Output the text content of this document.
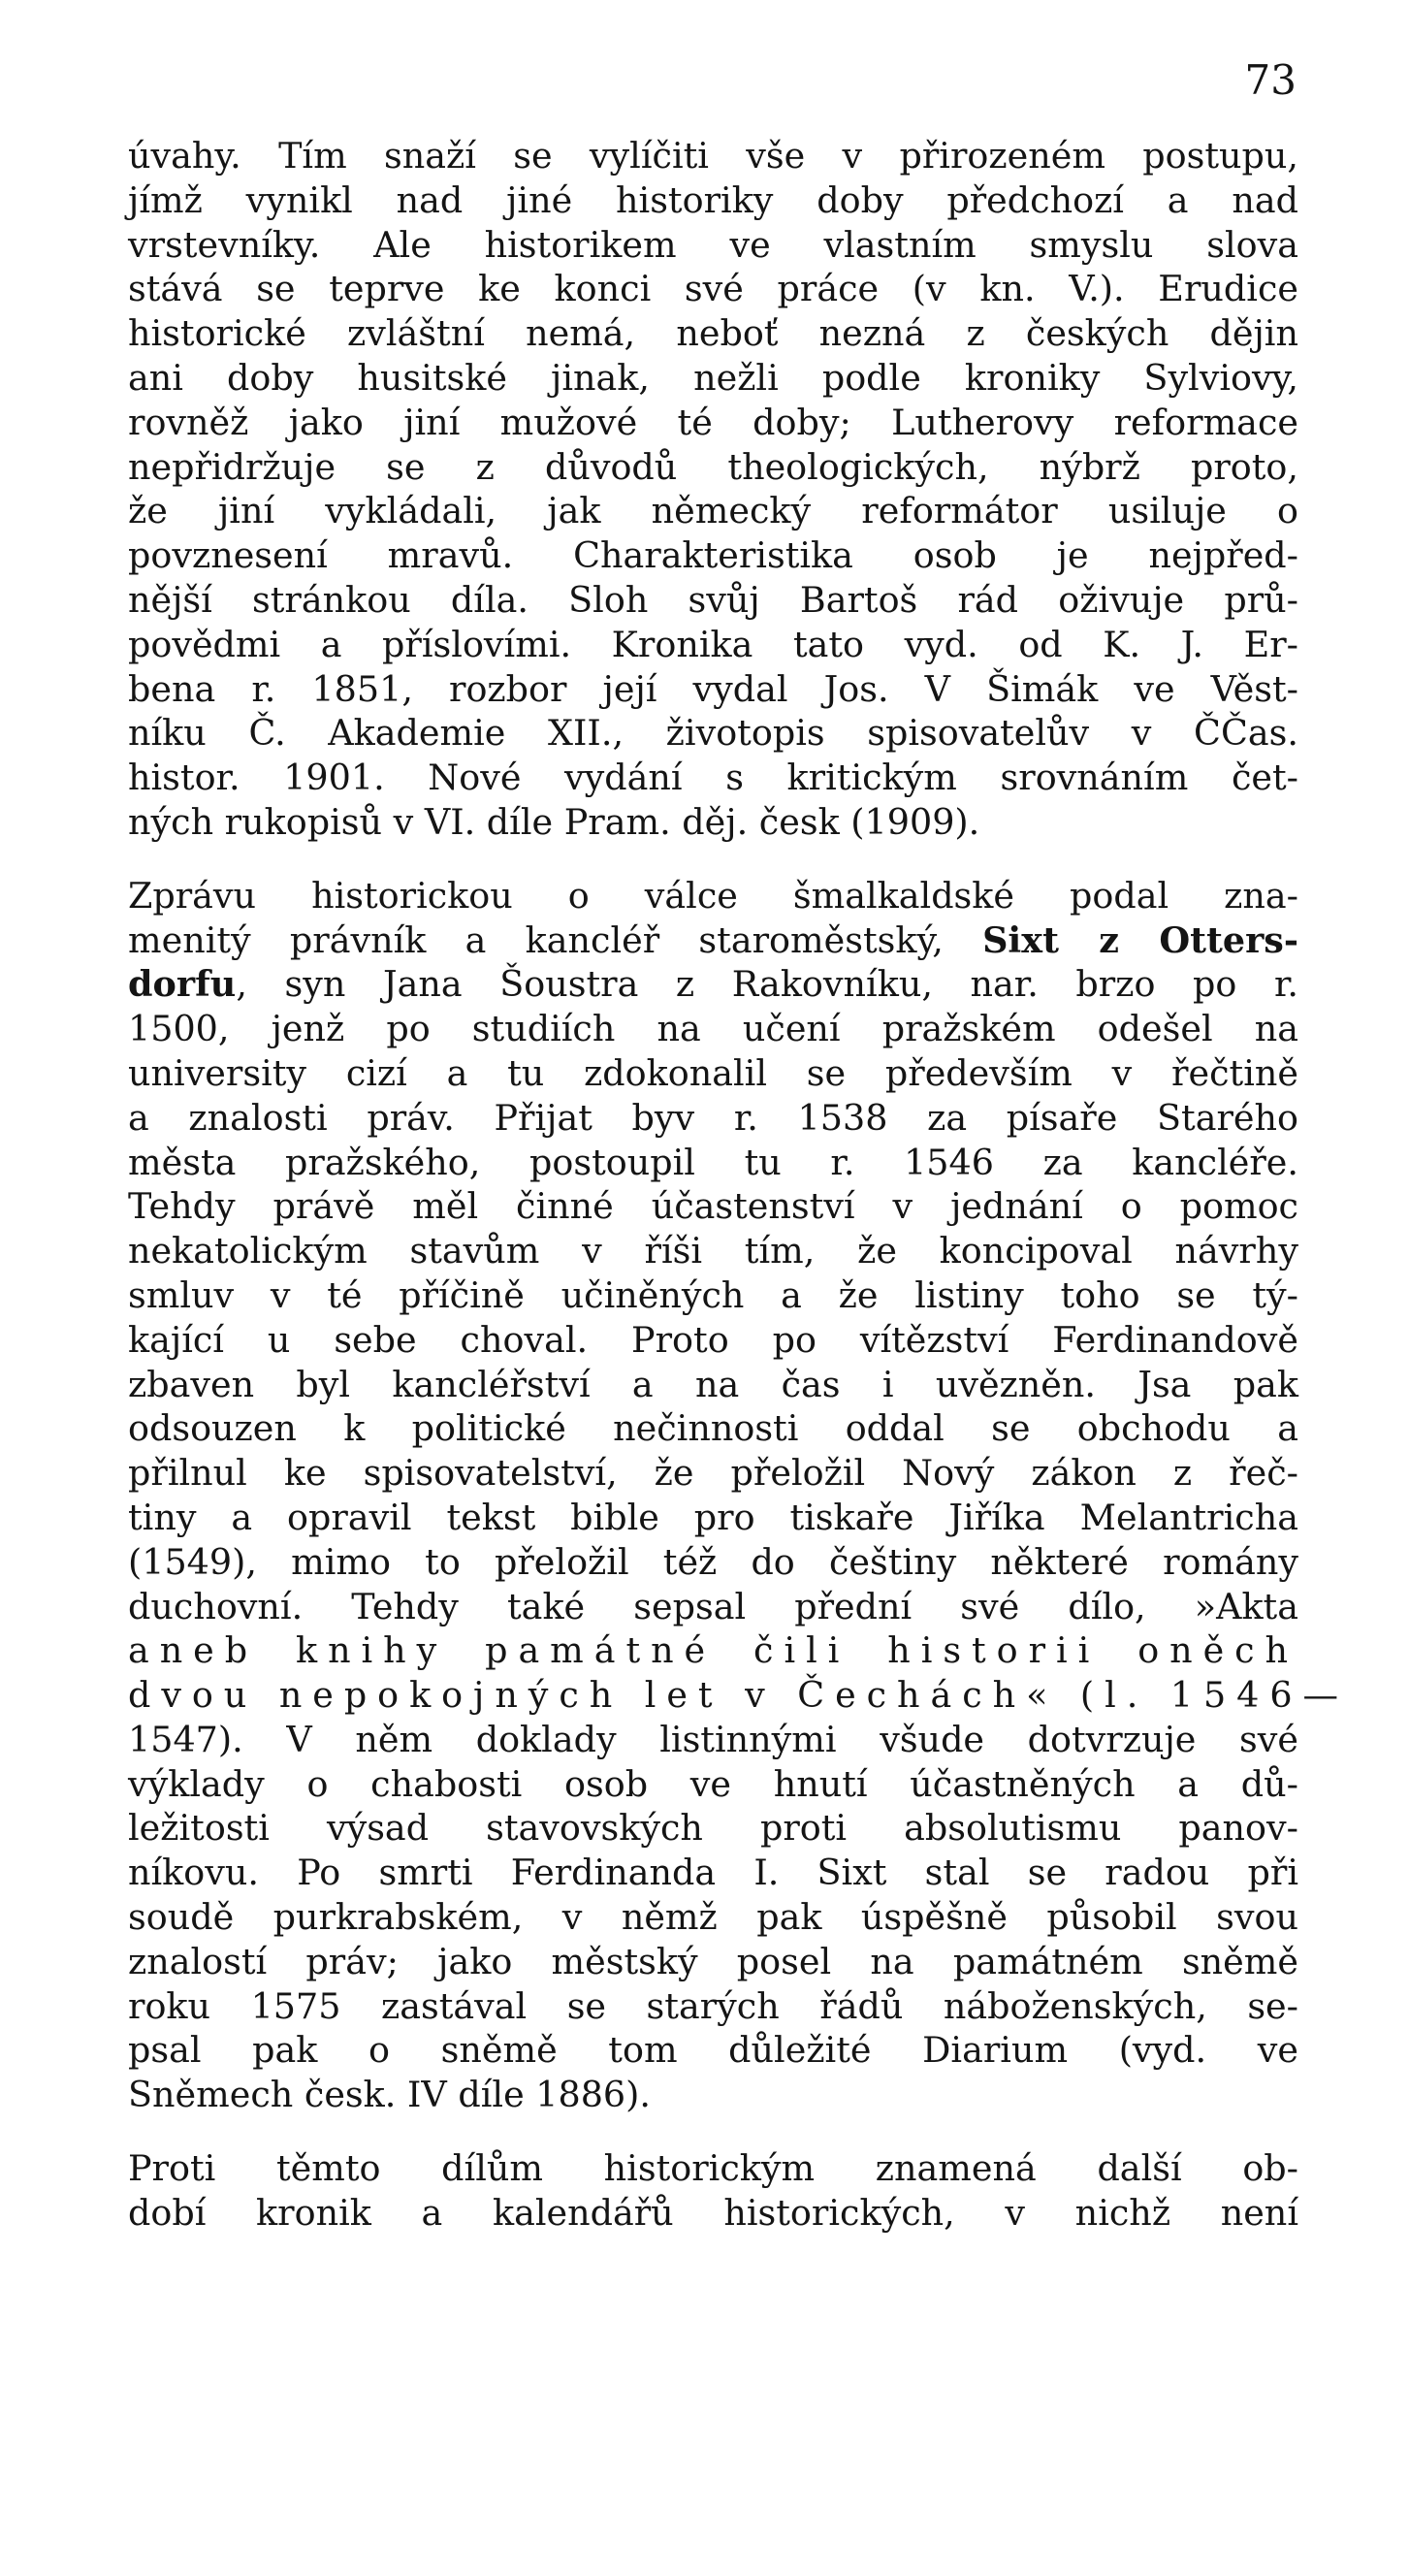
73
úvahy. Tím snaží se vylíčiti vše v přirozeném postupu,
jímž vynikl nad jiné historiky doby předchozí a nad
vrstevníky. Ale historikem ve vlastním smyslu slova
stává se teprve ke konci své práce (v kn. V.). Erudice
historické zvláštní nemá, neboť nezná z českých dějin
ani doby husitské jinak, nežli podle kroniky Sylviovy,
rovněž jako jiní mužové té doby; Lutherovy reformace
nepřidržuje se z důvodů theologických, nýbrž proto,
že jiní vykládali, jak německý reformátor usiluje o
povznesení mravů. Charakteristika osob je nejpřed-
nější stránkou díla. Sloh svůj Bartoš rád oživuje prů-
povědmi a příslovími. Kronika tato vyd. od K. J. Er-
bena r. 1851, rozbor její vydal Jos. V Šimák ve Věst-
níku Č. Akademie XII., životopis spisovatelův v ČČas.
histor. 1901. Nové vydání s kritickým srovnáním čet-
ných rukopisů v VI. díle Pram. děj. česk (1909).
Zprávu historickou o válce šmalkaldské podal zna-
menitý právník a kancléř staroměstský, Sixt z Otters-
dorfu, syn Jana Šoustra z Rakovníku, nar. brzo po r.
1500, jenž po studiích na učení pražském odešel na
university cizí a tu zdokonalil se především v řečtině
a znalosti práv. Přijat byv r. 1538 za písaře Starého
města pražského, postoupil tu r. 1546 za kancléře.
Tehdy právě měl činné účastenství v jednání o pomoc
nekatolickým stavům v říši tím, že koncipoval návrhy
smluv v té příčině učiněných a že listiny toho se tý-
kající u sebe choval. Proto po vítězství Ferdinandově
zbaven byl kancléřství a na čas i uvězněn. Jsa pak
odsouzen k politické nečinnosti oddal se obchodu a
přilnul ke spisovatelství, že přeložil Nový zákon z řeč-
tiny a opravil tekst bible pro tiskaře Jiříka Melantricha
(1549), mimo to přeložil též do češtiny některé romány
duchovní. Tehdy také sepsal přední své dílo, »Akta
aneb knihy památné čili historii oněch
dvou nepokojných let v Čechách« (l. 1546—
1547). V něm doklady listinnými všude dotvrzuje své
výklady o chabosti osob ve hnutí účastněných a dů-
ležitosti výsad stavovských proti absolutismu panov-
níkovu. Po smrti Ferdinanda I. Sixt stal se radou při
soudě purkrabském, v němž pak úspěšně působil svou
znalostí práv; jako městský posel na památném sněmě
roku 1575 zastával se starých řádů náboženských, se-
psal pak o sněmě tom důležité Diarium (vyd. ve
Sněmech česk. IV díle 1886).
Proti těmto dílům historickým znamená další ob-
dobí kronik a kalendářů historických, v nichž není
